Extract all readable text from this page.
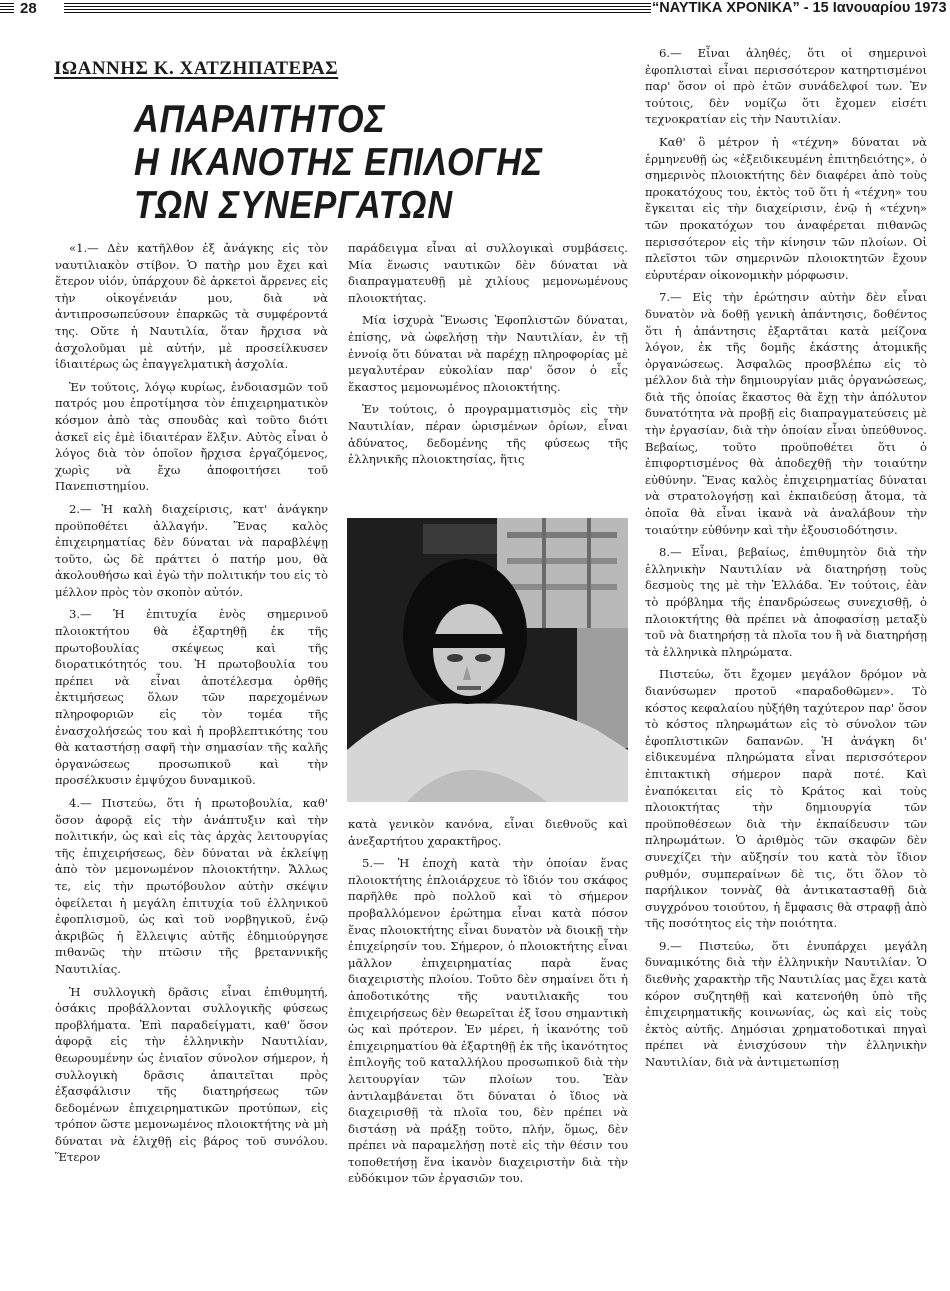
28	“ΝΑΥΤΙΚΑ ΧΡΟΝΙΚΑ” - 15 Ιανουαρίου 1973
ΙΩΑΝΝΗΣ Κ. ΧΑΤΖΗΠΑΤΕΡΑΣ
ΑΠΑΡΑΙΤΗΤΟΣ
Η ΙΚΑΝΟΤΗΣ ΕΠΙΛΟΓΗΣ
ΤΩΝ ΣΥΝΕΡΓΑΤΩΝ

«1.— Δὲν κατῆλθον ἐξ ἀνάγκης εἰς τὸν ναυτιλιακὸν στίβον. Ὁ πατὴρ μου ἔχει καὶ ἕτερον υἱόν, ὑπάρχουν δὲ ἀρκετοὶ ἄρρενες εἰς τὴν οἰκογένειάν μου, διὰ νὰ ἀντιπροσωπεύσουν ἐπαρκῶς τὰ συμφέροντά της. Οὔτε ἡ Ναυτιλία, ὅταν ἤρχισα νὰ ἀσχολοῦμαι μὲ αὐτήν, μὲ προσείλκυσεν ἰδιαιτέρως ὡς ἐπαγγελματικὴ ἀσχολία.

Ἐν τούτοις, λόγῳ κυρίως, ἐνδοιασμῶν τοῦ πατρός μου ἐπροτίμησα τὸν ἐπιχειρηματικὸν κόσμον ἀπὸ τὰς σπουδὰς καὶ τοῦτο διότι ἀσκεῖ εἰς ἐμὲ ἰδιαιτέραν ἕλξιν. Αὐτὸς εἶναι ὁ λόγος διὰ τὸν ὁποῖον ἤρχισα ἐργαζόμενος, χωρὶς νὰ ἔχω ἀποφοιτήσει τοῦ Πανεπιστημίου.

2.— Ἡ καλὴ διαχείρισις, κατ' ἀνάγκην προϋποθέτει ἀλλαγήν. Ἕνας καλὸς ἐπιχειρηματίας δὲν δύναται νὰ παραβλέψῃ τοῦτο, ὡς δὲ πράττει ὁ πατήρ μου, θὰ ἀκολουθήσω καὶ ἐγὼ τὴν πολιτικήν του εἰς τὸ μέλλον πρὸς τὸν σκοπὸν αὐτόν.

3.— Ἡ ἐπιτυχία ἑνὸς σημερινοῦ πλοιοκτήτου θὰ ἐξαρτηθῇ ἐκ τῆς πρωτοβουλίας σκέψεως καὶ τῆς διορατικότητός του. Ἡ πρωτοβουλία του πρέπει νὰ εἶναι ἀποτέλεσμα ὀρθῆς ἐκτιμήσεως ὅλων τῶν παρεχομένων πληροφοριῶν εἰς τὸν τομέα τῆς ἐνασχολήσεώς του καὶ ἡ προβλεπτικότης του θὰ καταστήσῃ σαφῆ τὴν σημασίαν τῆς καλῆς ὀργανώσεως προσωπικοῦ καὶ τὴν προσέλκυσιν ἐμψύχου δυναμικοῦ.

4.— Πιστεύω, ὅτι ἡ πρωτοβουλία, καθ' ὅσον ἀφορᾷ εἰς τὴν ἀνάπτυξιν καὶ τὴν πολιτικήν, ὡς καὶ εἰς τὰς ἀρχὰς λειτουργίας τῆς ἐπιχειρήσεως, δὲν δύναται νὰ ἐκλείψῃ ἀπὸ τὸν μεμονωμένον πλοιοκτήτην. Ἄλλως τε, εἰς τὴν πρωτόβουλον αὐτὴν σκέψιν ὀφείλεται ἡ μεγάλη ἐπιτυχία τοῦ ἑλληνικοῦ ἐφοπλισμοῦ, ὡς καὶ τοῦ νορβηγικοῦ, ἐνῷ ἀκριβῶς ἡ ἔλλειψις αὐτῆς ἐδημιούργησε πιθανῶς τὴν πτῶσιν τῆς βρεταννικῆς Ναυτιλίας.

Ἡ συλλογικὴ δρᾶσις εἶναι ἐπιθυμητή, ὁσάκις προβάλλονται συλλογικῆς φύσεως προβλήματα. Ἐπὶ παραδείγματι, καθ' ὅσον ἀφορᾷ εἰς τὴν ἑλληνικὴν Ναυτιλίαν, θεωρουμένην ὡς ἑνιαῖον σύνολον σήμερον, ἡ συλλογικὴ δρᾶσις ἀπαιτεῖται πρὸς ἐξασφάλισιν τῆς διατηρήσεως τῶν δεδομένων ἐπιχειρηματικῶν προτύπων, εἰς τρόπον ὥστε μεμονωμένος πλοιοκτήτης νὰ μὴ δύναται νὰ ἑλιχθῇ εἰς βάρος τοῦ συνόλου. Ἕτερον

παράδειγμα εἶναι αἱ συλλογικαὶ συμβάσεις. Μία ἕνωσις ναυτικῶν δὲν δύναται νὰ διαπραγματευθῇ μὲ χιλίους μεμονωμένους πλοιοκτήτας.

Μία ἰσχυρὰ Ἕνωσις Ἐφοπλιστῶν δύναται, ἐπίσης, νὰ ὠφελήσῃ τὴν Ναυτιλίαν, ἐν τῇ ἐννοίᾳ ὅτι δύναται νὰ παρέχῃ πληροφορίας μὲ μεγαλυτέραν εὐκολίαν παρ' ὅσον ὁ εἷς ἕκαστος μεμονωμένος πλοιοκτήτης.

Ἐν τούτοις, ὁ προγραμματισμὸς εἰς τὴν Ναυτιλίαν, πέραν ὡρισμένων ὁρίων, εἶναι ἀδύνατος, δεδομένης τῆς φύσεως τῆς ἑλληνικῆς πλοιοκτησίας, ἥτις

κατὰ γενικὸν κανόνα, εἶναι διεθνοῦς καὶ ἀνεξαρτήτου χαρακτῆρος.

5.— Ἡ ἐποχὴ κατὰ τὴν ὁποίαν ἕνας πλοιοκτήτης ἐπλοιάρχευε τὸ ἴδιόν του σκάφος παρῆλθε πρὸ πολλοῦ καὶ τὸ σήμερον προβαλλόμενον ἐρώτημα εἶναι κατὰ πόσον ἕνας πλοιοκτήτης εἶναι δυνατὸν νὰ διοικῇ τὴν ἐπιχείρησίν του. Σήμερον, ὁ πλοιοκτήτης εἶναι μᾶλλον ἐπιχειρηματίας παρὰ ἕνας διαχειριστὴς πλοίου. Τοῦτο δὲν σημαίνει ὅτι ἡ ἀποδοτικότης τῆς ναυτιλιακῆς του ἐπιχειρήσεως δὲν θεωρεῖται ἐξ ἴσου σημαντικὴ ὡς καὶ πρότερον. Ἐν μέρει, ἡ ἱκανότης τοῦ ἐπιχειρηματίου θὰ ἐξαρτηθῇ ἐκ τῆς ἱκανότητος ἐπιλογῆς τοῦ καταλλήλου προσωπικοῦ διὰ τὴν λειτουργίαν τῶν πλοίων του. Ἐὰν ἀντιλαμβάνεται ὅτι δύναται ὁ ἴδιος νὰ διαχειρισθῇ τὰ πλοῖα του, δὲν πρέπει νὰ διστάσῃ νὰ πράξῃ τοῦτο, πλήν, ὅμως, δὲν πρέπει νὰ παραμελήσῃ ποτὲ εἰς τὴν θέσιν του τοποθετήσῃ ἕνα ἱκανὸν διαχειριστὴν διὰ τὴν εὐδόκιμον τῶν ἐργασιῶν του.

6.— Εἶναι ἀληθές, ὅτι οἱ σημερινοὶ ἐφοπλισταὶ εἶναι περισσότερον κατηρτισμένοι παρ' ὅσον οἱ πρὸ ἐτῶν συνάδελφοί των. Ἐν τούτοις, δὲν νομίζω ὅτι ἔχομεν εἰσέτι τεχνοκρατίαν εἰς τὴν Ναυτιλίαν.

Καθ' ὃ μέτρον ἡ «τέχνη» δύναται νὰ ἑρμηνευθῇ ὡς «ἐξειδικευμένη ἐπιτηδειότης», ὁ σημερινὸς πλοιοκτήτης δὲν διαφέρει ἀπὸ τοὺς προκατόχους του, ἐκτὸς τοῦ ὅτι ἡ «τέχνη» του ἔγκειται εἰς τὴν διαχείρισιν, ἐνῷ ἡ «τέχνη» τῶν προκατόχων του ἀναφέρεται πιθανῶς περισσότερον εἰς τὴν κίνησιν τῶν πλοίων. Οἱ πλεῖστοι τῶν σημερινῶν πλοιοκτητῶν ἔχουν εὐρυτέραν οἰκονομικὴν μόρφωσιν.

7.— Εἰς τὴν ἐρώτησιν αὐτὴν δὲν εἶναι δυνατὸν νὰ δοθῇ γενικὴ ἀπάντησις, δοθέντος ὅτι ἡ ἀπάντησις ἐξαρτᾶται κατὰ μείζονα λόγον, ἐκ τῆς δομῆς ἑκάστης ἀτομικῆς ὀργανώσεως. Ἀσφαλῶς προσβλέπω εἰς τὸ μέλλον διὰ τὴν δημιουργίαν μιᾶς ὀργανώσεως, διὰ τῆς ὁποίας ἕκαστος θὰ ἔχῃ τὴν ἀπόλυτον δυνατότητα νὰ προβῇ εἰς διαπραγματεύσεις μὲ τὴν ἐργασίαν, διὰ τὴν ὁποίαν εἶναι ὑπεύθυνος. Βεβαίως, τοῦτο προϋποθέτει ὅτι ὁ ἐπιφορτισμένος θὰ ἀποδεχθῇ τὴν τοιαύτην εὐθύνην. Ἕνας καλὸς ἐπιχειρηματίας δύναται νὰ στρατολογήσῃ καὶ ἐκπαιδεύσῃ ἄτομα, τὰ ὁποῖα θὰ εἶναι ἱκανὰ νὰ ἀναλάβουν τὴν τοιαύτην εὐθύνην καὶ τὴν ἐξουσιοδότησιν.

8.— Εἶναι, βεβαίως, ἐπιθυμητὸν διὰ τὴν ἑλληνικὴν Ναυτιλίαν νὰ διατηρήσῃ τοὺς δεσμοὺς της μὲ τὴν Ἑλλάδα. Ἐν τούτοις, ἐὰν τὸ πρόβλημα τῆς ἐπανδρώσεως συνεχισθῇ, ὁ πλοιοκτήτης θὰ πρέπει νὰ ἀποφασίσῃ μεταξὺ τοῦ νὰ διατηρήσῃ τὰ πλοῖα του ἢ νὰ διατηρήσῃ τὰ ἑλληνικὰ πληρώματα.

Πιστεύω, ὅτι ἔχομεν μεγάλον δρόμον νὰ διανύσωμεν προτοῦ «παραδοθῶμεν». Τὸ κόστος κεφαλαίου ηὐξήθη ταχύτερον παρ' ὅσον τὸ κόστος πληρωμάτων εἰς τὸ σύνολον τῶν ἐφοπλιστικῶν δαπανῶν. Ἡ ἀνάγκη δι' εἰδικευμένα πληρώματα εἶναι περισσότερον ἐπιτακτικὴ σήμερον παρὰ ποτέ. Καὶ ἐναπόκειται εἰς τὸ Κράτος καὶ τοὺς πλοιοκτήτας τὴν δημιουργία τῶν προϋποθέσεων διὰ τὴν ἐκπαίδευσιν τῶν πληρωμάτων. Ὁ ἀριθμὸς τῶν σκαφῶν δὲν συνεχίζει τὴν αὔξησίν του κατὰ τὸν ἴδιον ρυθμόν, συμπεραίνων δὲ τις, ὅτι ὅλον τὸ παρήλικον τοννὰζ θὰ ἀντικατασταθῇ διὰ συγχρόνου τοιούτου, ἡ ἔμφασις θὰ στραφῇ ἀπὸ τῆς ποσότητος εἰς τὴν ποιότητα.

9.— Πιστεύω, ὅτι ἐνυπάρχει μεγάλη δυναμικότης διὰ τὴν ἑλληνικὴν Ναυτιλίαν. Ὁ διεθνὴς χαρακτὴρ τῆς Ναυτιλίας μας ἔχει κατὰ κόρον συζητηθῇ καὶ κατενοήθη ὑπὸ τῆς ἐπιχειρηματικῆς κοινωνίας, ὡς καὶ εἰς τοὺς ἐκτὸς αὐτῆς. Δημόσιαι χρηματοδοτικαὶ πηγαὶ πρέπει νὰ ἐνισχύσουν τὴν ἑλληνικὴν Ναυτιλίαν, διὰ νὰ ἀντιμετωπίσῃ
